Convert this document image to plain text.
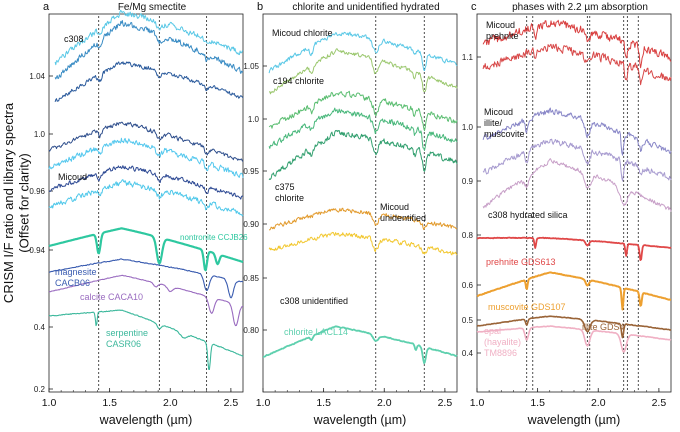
a	Fe/Mg smectite
1.0	1.5	2.0	2.5
1.04
1.0
0.96
0.94
0.4
0.2
wavelength (µm)
c308
Micoud
nontronite CCJB26
magnesite
CACB06
calcite CACA10
serpentine
CASR06
b	chlorite and unidentified hydrated
1.0	1.5	2.0	2.5
1.05
1.0
0.95
0.90
0.85
0.80
wavelength (µm)
Micoud chlorite
c194 chlorite
c375
chlorite
Micoud
unidentified
c308 unidentified
chlorite LACL14
c	phases with 2.2 µm absorption
1.0	1.5	2.0	2.5
1.1
1.0
0.9
0.8
0.6
0.5
0.4
wavelength (µm)
Micoud
prehnite
Micoud
illite/
muscovite
c308 hydrated silica
prehnite GDS613
muscovite GDS107
illite GDS4
opal
(hayalite)
TM8896
CRISM I/F ratio and library spectra(Offset for clarity)
